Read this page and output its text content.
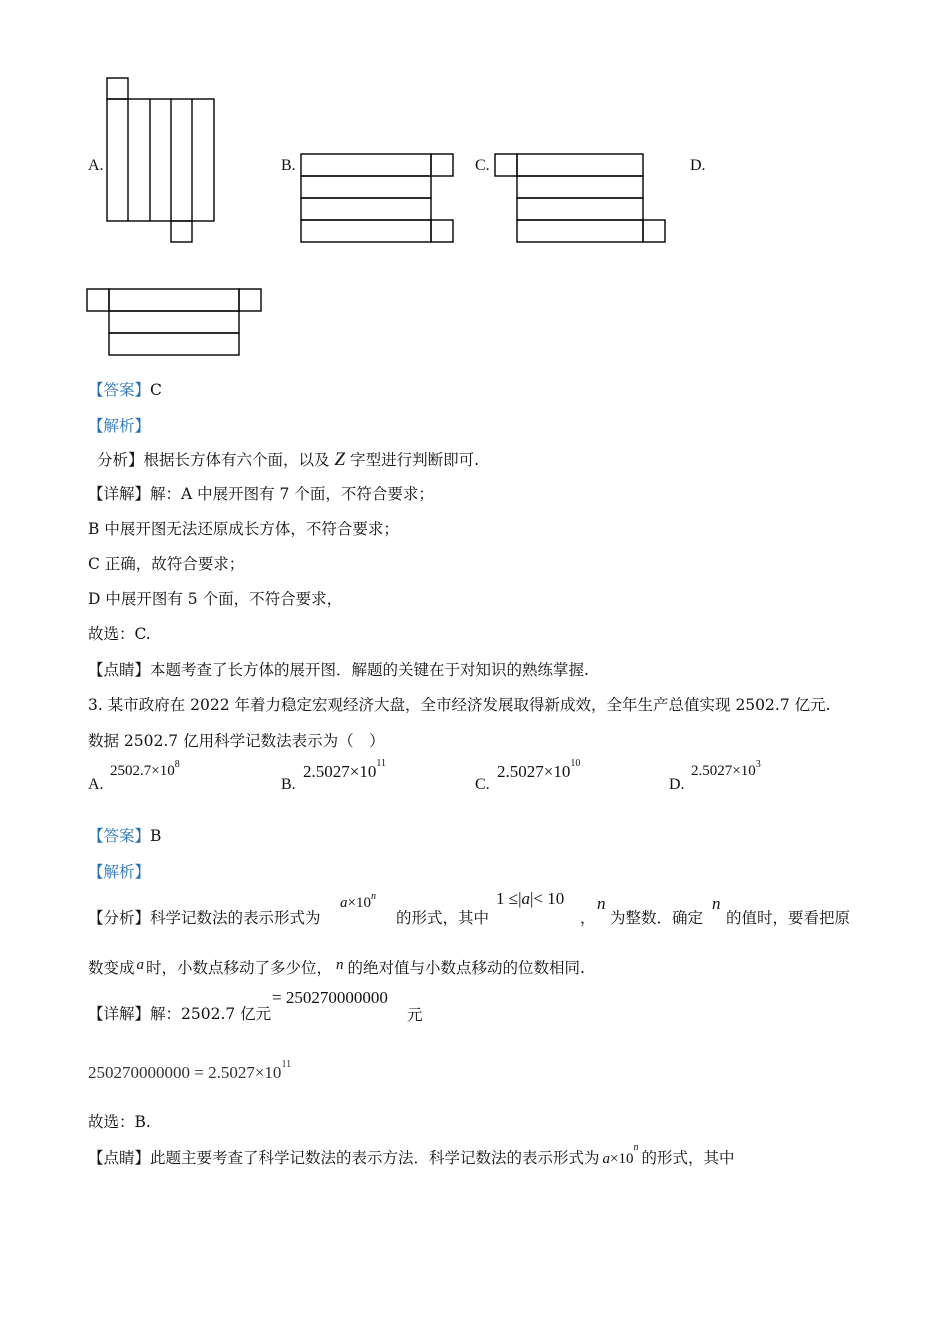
A.	B.	C.	D.
【答案】C
【解析】
分析】根据长方体有六个面，以及 Z 字型进行判断即可.
【详解】解：A 中展开图有 7 个面，不符合要求；
B 中展开图无法还原成长方体，不符合要求；
C 正确，故符合要求；
D 中展开图有 5 个面，不符合要求，
故选：C.
【点睛】本题考查了长方体的展开图．解题的关键在于对知识的熟练掌握.
3. 某市政府在 2022 年着力稳定宏观经济大盘，全市经济发展取得新成效，全年生产总值实现 2502.7 亿元.
数据 2502.7 亿用科学记数法表示为（　）
A.
$2502.7\times 10^8$
B.
$2.5027\times 10^{11}$
C.
$2.5027\times 10^{10}$
D.
$2.5027\times 10^3$
【答案】B
【解析】
【分析】科学记数法的表示形式为
$a\times 10^n$
的形式，其中
1 ≤|a|< 10
，
n
为整数．确定
n
的值时，要看把原
数变成 a 时，小数点移动了多少位， n 的绝对值与小数点移动的位数相同.
【详解】解：2502.7 亿元
= 250270000000
元
$250270000000 = 2.5027\times 10^{11}$
故选：B.
【点睛】此题主要考查了科学记数法的表示方法．科学记数法的表示形式为 $a\times 10^n$的形式，其中
